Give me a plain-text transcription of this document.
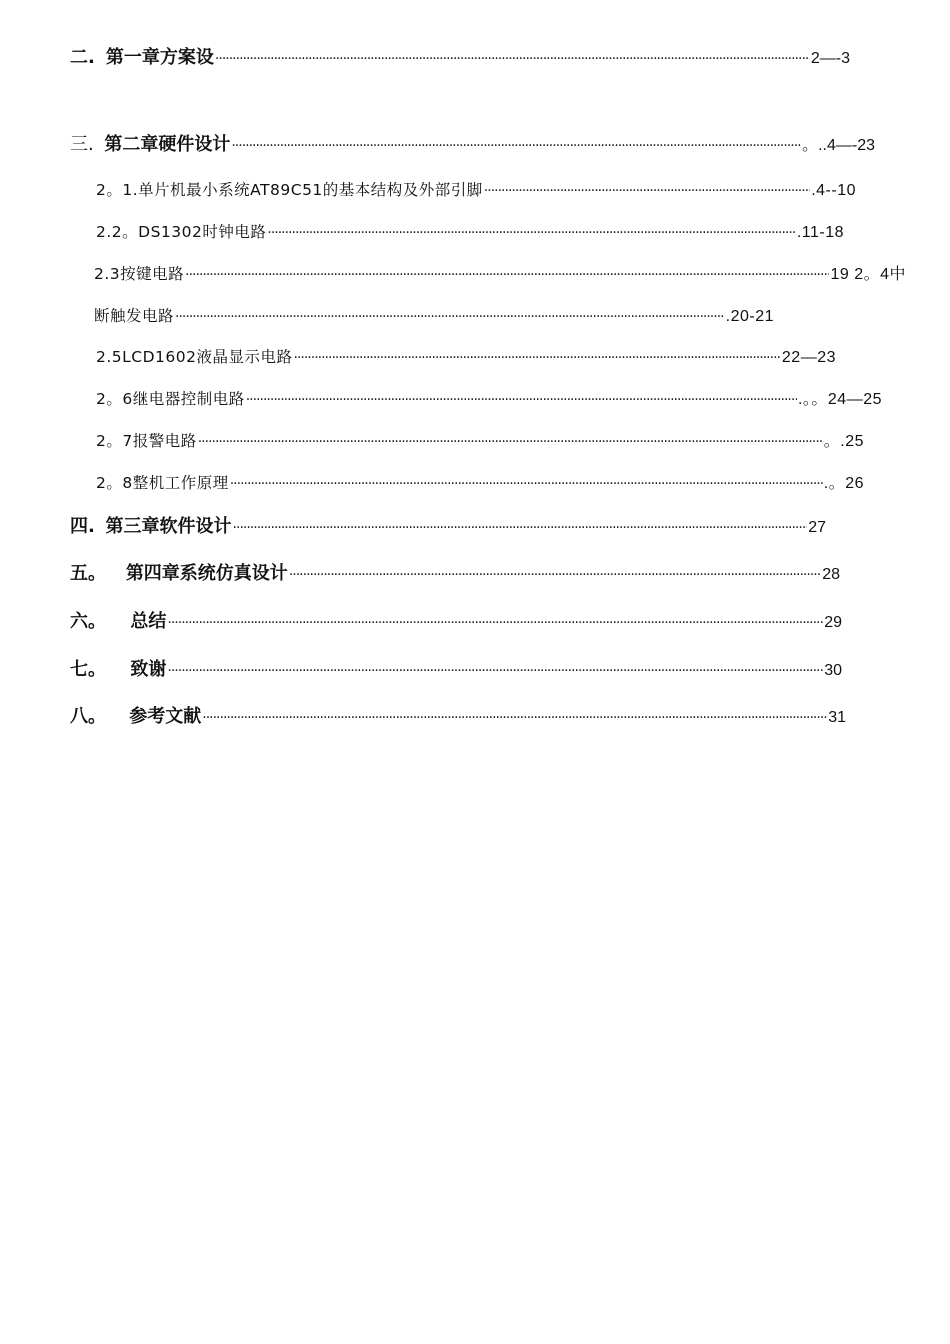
二. 第一章方案设 ·····	2—-3
三. 第二章硬件设计 ·····	。..4—-23
2。1.单片机最小系统AT89C51的基本结构及外部引脚 ·····	.4--10
2.2。DS1302时钟电路 ·····	.11-18
2.3按键电路 ·····	19 2。4中
断触发电路 ·····	.20-21
2.5LCD1602液晶显示电路 ·····	22—23
2。6继电器控制电路 ·····	.。。24—25
2。7报警电路 ·····	。.25
2。8整机工作原理 ·····	.。26
四. 第三章软件设计 ·····	27
五。 第四章系统仿真设计 ·····	28
六。 总结 ·····	29
七。 致谢 ·····	30
八。 参考文献 ·····	31
